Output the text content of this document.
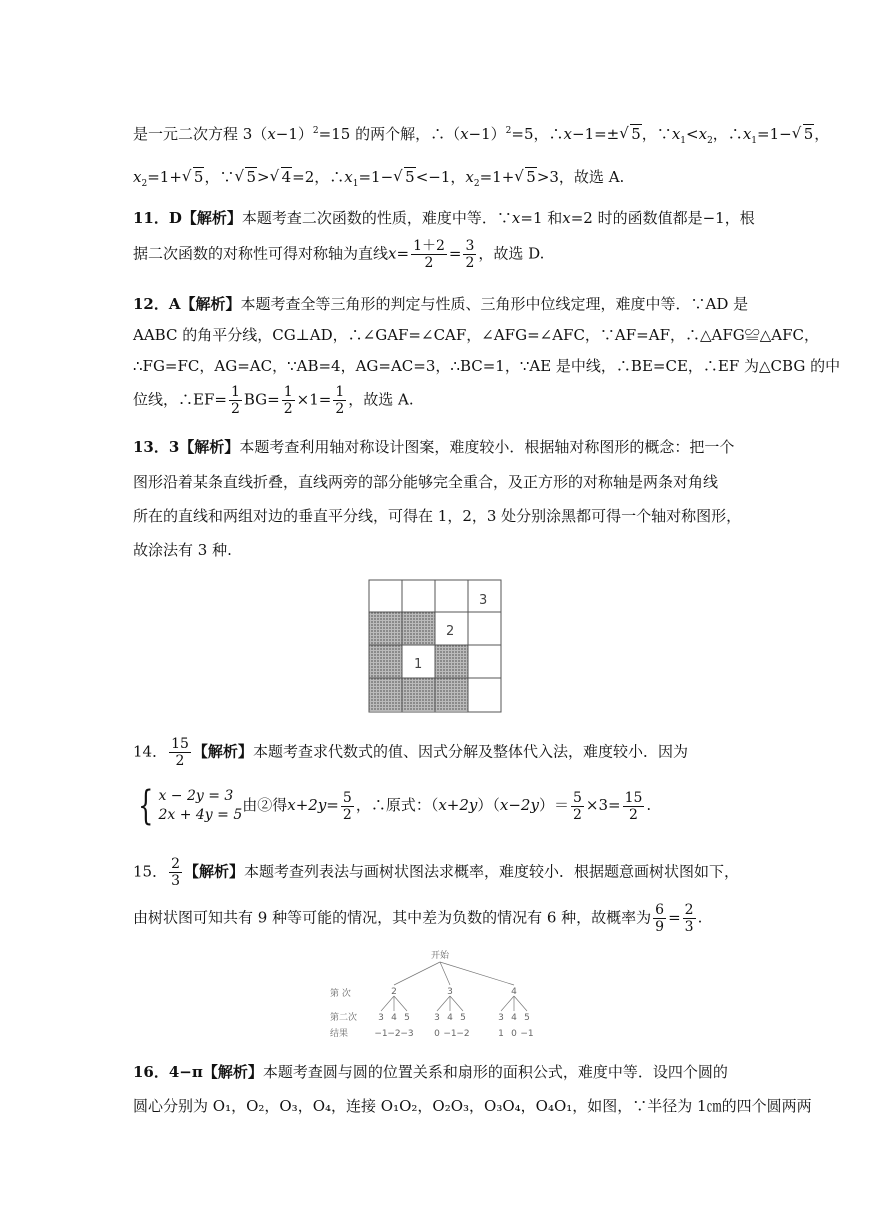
是一元二次方程 $3(x-1)^2=15$ 的两个解，$\therefore(x-1)^2=5$，∴x−1=±√ 5，$\because x_1<x_2$，$\therefore x_1=1-√$ 5，
$x_2=1+√$ 5，∵√ 5>√ 4=2，$\therefore x_1=1-√$ 5<−1，$x_2=1+√$ 5>3，故选 A.
11．D【解析】本题考查二次函数的性质，难度中等．∵x=1 和x=2 时的函数值都是−1，根
据二次函数的对称性可得对称轴为直线$x= \frac{1+2}{2} = \frac{3}{2}$ ，故选 D.
12．A【解析】本题考查全等三角形的判定与性质、三角形中位线定理，难度中等．∵AD 是
AABC 的角平分线，CG⊥AD，∴∠GAF=∠CAF，∠AFG=∠AFC，∵AF=AF，∴△AFG≌△AFC，
∴FG=FC，AG=AC，∵AB=4，AG=AC=3，∴BC=1，∵AE 是中线，∴BE=CE，∴EF 为△CBG 的中
位线，∴EF= $\frac{1}{2} BG= \frac{1}{2} \times 1= \frac{1}{2}$ ，故选 A.
13．3【解析】本题考查利用轴对称设计图案，难度较小．根据轴对称图形的概念：把一个
图形沿着某条直线折叠，直线两旁的部分能够完全重合，及正方形的对称轴是两条对角线
所在的直线和两组对边的垂直平分线，可得在 1，2，3 处分别涂黑都可得一个轴对称图形，
故涂法有 3 种.
3
2
1
14． $\frac{15}{2}$ 【解析】本题考查求代数式的值、因式分解及整体代入法，难度较小．因为
{ x − 2y = 3
2x + 4y = 5
由②得$x+2y= \frac{5}{2}$ ，∴原式：$(x+2y)(x-2y)= \frac{5}{2} \times 3= \frac{15}{2}$ .
15． $\frac{2}{3}$ 【解析】本题考查列表法与画树状图法求概率，难度较小．根据题意画树状图如下，
由树状图可知共有 9 种等可能的情况，其中差为负数的情况有 6 种，故概率为 $\frac{6}{9} = \frac{2}{3}$ .
开始
第 次
第二次
结果
2	3	4
3 4 5	3 4 5	3 4 5
−1 −2 −3 0 −1 −2	1 0 −1
16．4−π【解析】本题考查圆与圆的位置关系和扇形的面积公式，难度中等．设四个圆的
圆心分别为 O₁，O₂，O₃，O₄，连接 O₁O₂，O₂O₃，O₃O₄，O₄O₁，如图，∵半径为 1㎝的四个圆两两
